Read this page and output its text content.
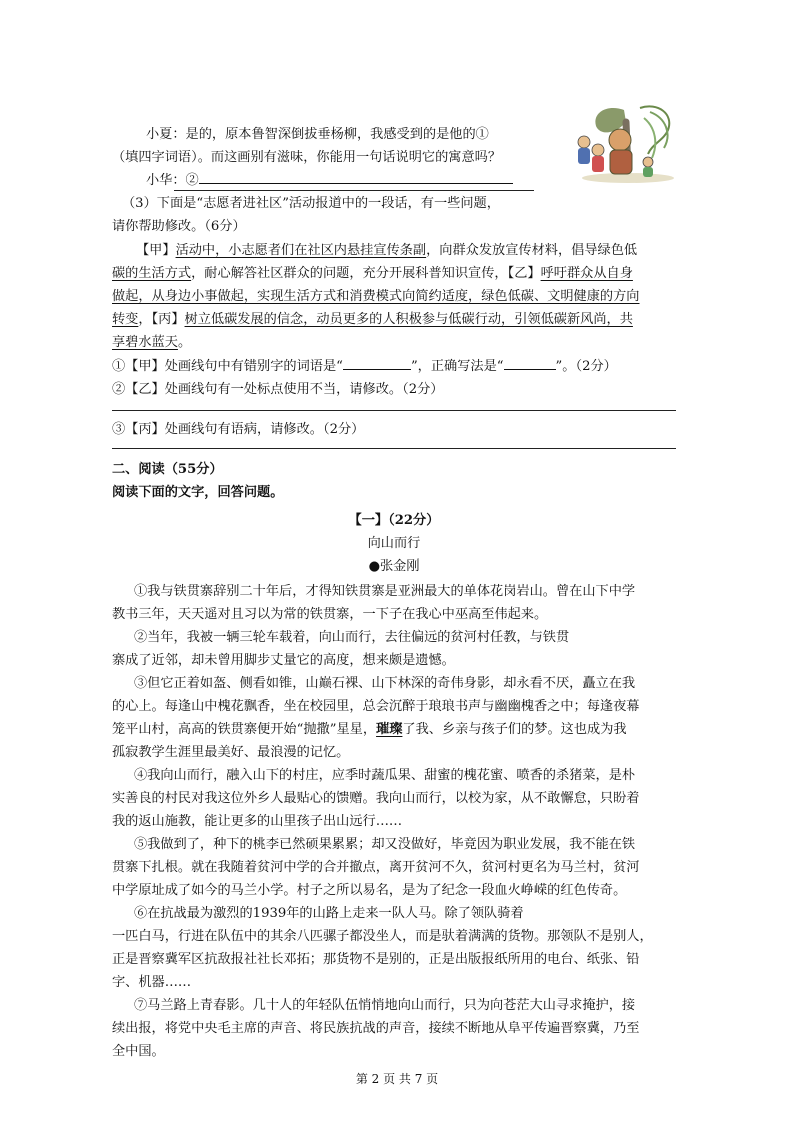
小夏：是的，原本鲁智深倒拔垂杨柳，我感受到的是他的①
（填四字词语）。而这画别有滋味，你能用一句话说明它的寓意吗？
小华：②
（3）下面是“志愿者进社区”活动报道中的一段话，有一些问题，
请你帮助修改。（6分）
【甲】活动中，小志愿者们在社区内悬挂宣传条副，向群众发放宣传材料，倡导绿色低
碳的生活方式，耐心解答社区群众的问题，充分开展科普知识宣传，【乙】呼吁群众从自身
做起，从身边小事做起，实现生活方式和消费模式向简约适度，绿色低碳、文明健康的方向
转变，【丙】树立低碳发展的信念，动员更多的人积极参与低碳行动，引领低碳新风尚，共
享碧水蓝天。
①【甲】处画线句中有错别字的词语是“	”，正确写法是“	”。（2分）
②【乙】处画线句有一处标点使用不当，请修改。（2分）
③【丙】处画线句有语病，请修改。（2分）
二、阅读（55分）
阅读下面的文字，回答问题。
【一】（22分）
向山而行
●张金刚
①我与铁贯寨辞别二十年后，才得知铁贯寨是亚洲最大的单体花岗岩山。曾在山下中学
教书三年，天天遥对且习以为常的铁贯寨，一下子在我心中巫高至伟起来。
②当年，我被一辆三轮车载着，向山而行，去往偏远的贫河村任教，与铁贯
寨成了近邻，却未曾用脚步丈量它的高度，想来颇是遗憾。
③但它正着如盔、侧看如锥，山巅石裸、山下林深的奇伟身影，却永看不厌，矗立在我
的心上。每逢山中槐花飘香，坐在校园里，总会沉醉于琅琅书声与幽幽槐香之中；每逢夜幕
笼平山村，高高的铁贯寨便开始“抛撒”星星，璀璨了我、乡亲与孩子们的梦。这也成为我
孤寂教学生涯里最美好、最浪漫的记忆。
④我向山而行，融入山下的村庄，应季时蔬瓜果、甜蜜的槐花蜜、喷香的杀猪菜，是朴
实善良的村民对我这位外乡人最贴心的馈赠。我向山而行，以校为家，从不敢懈怠，只盼着
我的返山施教，能让更多的山里孩子出山远行……
⑤我做到了，种下的桃李已然硕果累累；却又没做好，毕竟因为职业发展，我不能在铁
贯寨下扎根。就在我随着贫河中学的合并撤点，离开贫河不久，贫河村更名为马兰村，贫河
中学原址成了如今的马兰小学。村子之所以易名，是为了纪念一段血火峥嵘的红色传奇。
⑥在抗战最为激烈的1939年的山路上走来一队人马。除了领队骑着
一匹白马，行进在队伍中的其余八匹骡子都没坐人，而是驮着满满的货物。那领队不是别人，
正是晋察冀军区抗敌报社社长邓拓；那货物不是别的，正是出版报纸所用的电台、纸张、铅
字、机器……
⑦马兰路上青春影。几十人的年轻队伍悄悄地向山而行，只为向苍茫大山寻求掩护，接
续出报，将党中央毛主席的声音、将民族抗战的声音，接续不断地从阜平传遍晋察冀，乃至
全中国。
第 2 页 共 7 页
